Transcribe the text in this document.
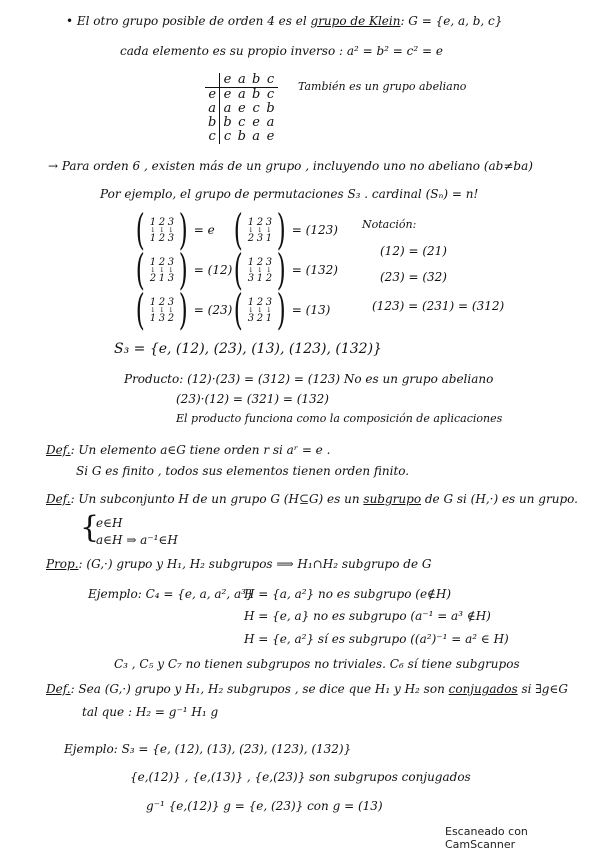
• El otro grupo posible de orden 4 es el grupo de Klein: G = {e, a, b, c}
cada elemento es su propio inverso : a² = b² = c² = e
	e	a	b	c
e	e	a	b	c
a	a	e	c	b
b	b	c	e	a
c	c	b	a	e
También es un grupo abeliano
→ Para orden 6 , existen más de un grupo , incluyendo uno no abeliano (ab≠ba)
Por ejemplo, el grupo de permutaciones S₃ . cardinal (Sₙ) = n!
( 1 2 3
↓ ↓ ↓
1 2 3 ) = e ( 1 2 3
↓ ↓ ↓
2 3 1 ) = (123)
( 1 2 3
↓ ↓ ↓
2 1 3 ) = (12) ( 1 2 3
↓ ↓ ↓
3 1 2 ) = (132)
( 1 2 3
↓ ↓ ↓
1 3 2 ) = (23) ( 1 2 3
↓ ↓ ↓
3 2 1 ) = (13)
Notación:
(12) = (21)
(23) = (32)
(123) = (231) = (312)
S₃ = {e, (12), (23), (13), (123), (132)}
Producto: (12)·(23) = (312) = (123) No es un grupo abeliano
(23)·(12) = (321) = (132)
El producto funciona como la composición de aplicaciones
Def.: Un elemento a∈G tiene orden r si aʳ = e .
Si G es finito , todos sus elementos tienen orden finito.
Def.: Un subconjunto H de un grupo G (H⊆G) es un subgrupo de G si (H,·) es un grupo.
{
e∈H
a∈H ⇒ a⁻¹∈H
Prop.: (G,·) grupo y H₁, H₂ subgrupos ⟹ H₁∩H₂ subgrupo de G
Ejemplo: C₄ = {e, a, a², a³}
H = {a, a²} no es subgrupo (e∉H)
H = {e, a} no es subgrupo (a⁻¹ = a³ ∉H)
H = {e, a²} sí es subgrupo ((a²)⁻¹ = a² ∈ H)
C₃ , C₅ y C₇ no tienen subgrupos no triviales. C₆ sí tiene subgrupos
Def.: Sea (G,·) grupo y H₁, H₂ subgrupos , se dice que H₁ y H₂ son conjugados si ∃g∈G
tal que : H₂ = g⁻¹ H₁ g
Ejemplo: S₃ = {e, (12), (13), (23), (123), (132)}
{e,(12)} , {e,(13)} , {e,(23)} son subgrupos conjugados
g⁻¹ {e,(12)} g = {e, (23)} con g = (13)
Escaneado con CamScanner
